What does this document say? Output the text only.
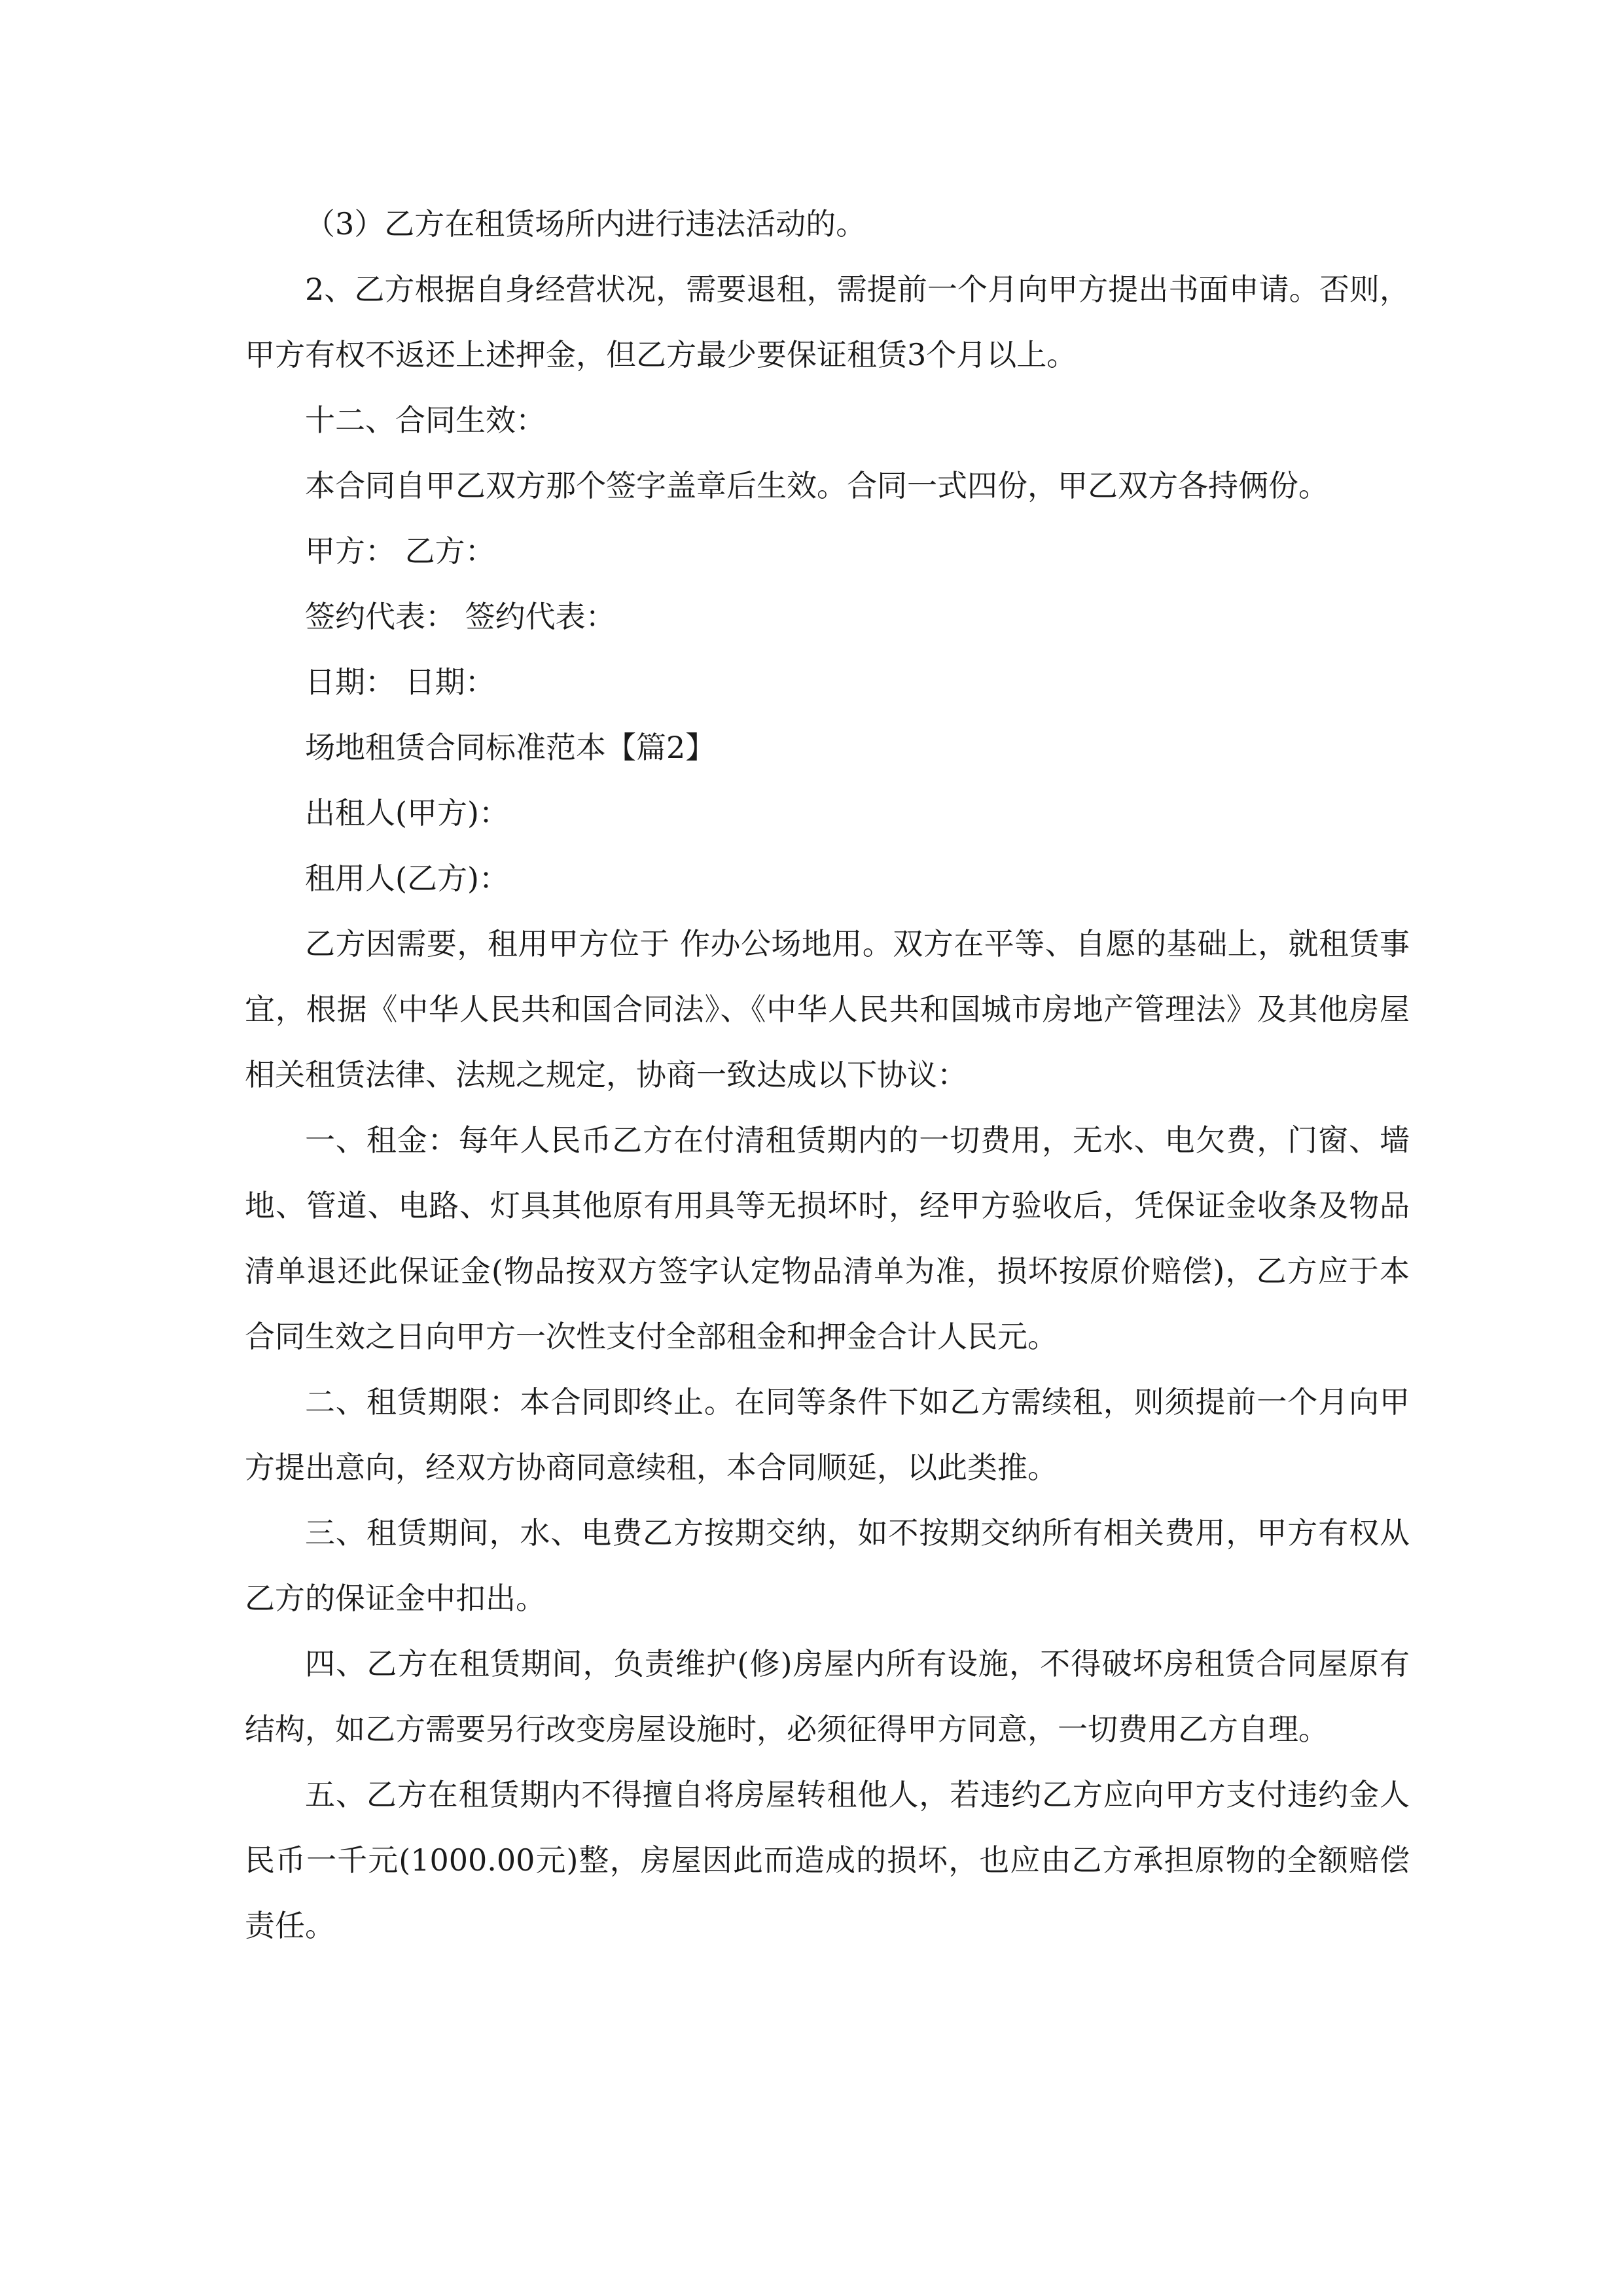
（3）乙方在租赁场所内进行违法活动的。

2、乙方根据自身经营状况，需要退租，需提前一个月向甲方提出书面申请。否则，甲方有权不返还上述押金，但乙方最少要保证租赁3个月以上。

十二、合同生效：

本合同自甲乙双方那个签字盖章后生效。合同一式四份，甲乙双方各持俩份。

甲方： 乙方：

签约代表： 签约代表：

日期： 日期：

场地租赁合同标准范本【篇2】

出租人(甲方)：

租用人(乙方)：

乙方因需要，租用甲方位于 作办公场地用。双方在平等、自愿的基础上，就租赁事宜，根据《中华人民共和国合同法》、《中华人民共和国城市房地产管理法》及其他房屋相关租赁法律、法规之规定，协商一致达成以下协议：

一、租金：每年人民币乙方在付清租赁期内的一切费用，无水、电欠费，门窗、墙地、管道、电路、灯具其他原有用具等无损坏时，经甲方验收后，凭保证金收条及物品清单退还此保证金(物品按双方签字认定物品清单为准，损坏按原价赔偿)，乙方应于本合同生效之日向甲方一次性支付全部租金和押金合计人民元。

二、租赁期限：本合同即终止。在同等条件下如乙方需续租，则须提前一个月向甲方提出意向，经双方协商同意续租，本合同顺延，以此类推。

三、租赁期间，水、电费乙方按期交纳，如不按期交纳所有相关费用，甲方有权从乙方的保证金中扣出。

四、乙方在租赁期间，负责维护(修)房屋内所有设施，不得破坏房租赁合同屋原有结构，如乙方需要另行改变房屋设施时，必须征得甲方同意，一切费用乙方自理。

五、乙方在租赁期内不得擅自将房屋转租他人，若违约乙方应向甲方支付违约金人民币一千元(1000.00元)整，房屋因此而造成的损坏，也应由乙方承担原物的全额赔偿责任。
